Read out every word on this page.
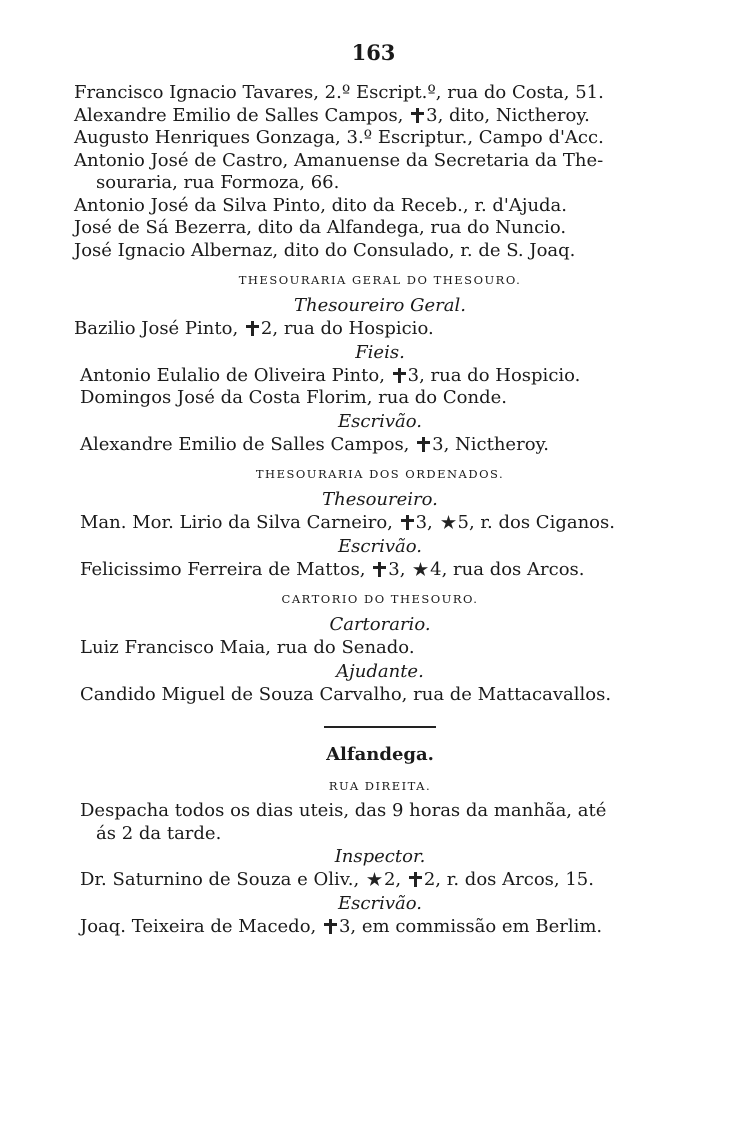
163
Francisco Ignacio Tavares, 2.º Escript.º, rua do Costa, 51.
Alexandre Emilio de Salles Campos, 3, dito, Nictheroy.
Augusto Henriques Gonzaga, 3.º Escriptur., Campo d'Acc.
Antonio José de Castro, Amanuense da Secretaria da The-
souraria, rua Formoza, 66.
Antonio José da Silva Pinto, dito da Receb., r. d'Ajuda.
José de Sá Bezerra, dito da Alfandega, rua do Nuncio.
José Ignacio Albernaz, dito do Consulado, r. de S. Joaq.
THESOURARIA GERAL DO THESOURO.
Thesoureiro Geral.
Bazilio José Pinto, 2, rua do Hospicio.
Fieis.
Antonio Eulalio de Oliveira Pinto, 3, rua do Hospicio.
Domingos José da Costa Florim, rua do Conde.
Escrivão.
Alexandre Emilio de Salles Campos, 3, Nictheroy.
THESOURARIA DOS ORDENADOS.
Thesoureiro.
Man. Mor. Lirio da Silva Carneiro, 3, 5, r. dos Ciganos.
Escrivão.
Felicissimo Ferreira de Mattos, 3, 4, rua dos Arcos.
CARTORIO DO THESOURO.
Cartorario.
Luiz Francisco Maia, rua do Senado.
Ajudante.
Candido Miguel de Souza Carvalho, rua de Mattacavallos.
Alfandega.
RUA DIREITA.
Despacha todos os dias uteis, das 9 horas da manhãa, até
ás 2 da tarde.
Inspector.
Dr. Saturnino de Souza e Oliv., 2, 2, r. dos Arcos, 15.
Escrivão.
Joaq. Teixeira de Macedo, 3, em commissão em Berlim.
